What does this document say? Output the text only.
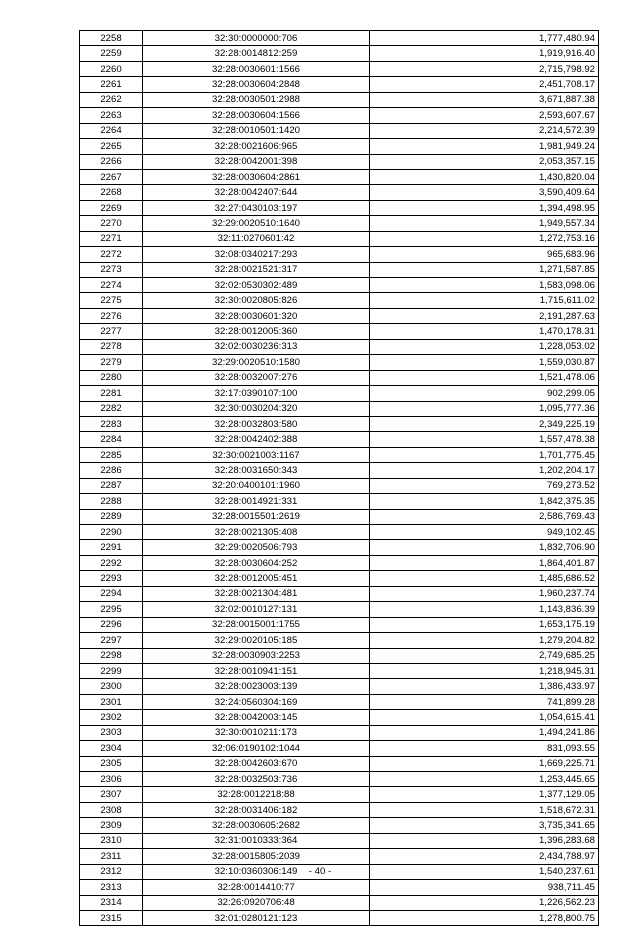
2258	32:30:0000000:706	1,777,480.94
2259	32:28:0014812:259	1,919,916.40
2260	32:28:0030601:1566	2,715,798.92
2261	32:28:0030604:2848	2,451,708.17
2262	32:28:0030501:2988	3,671,887.38
2263	32:28:0030604:1566	2,593,607.67
2264	32:28:0010501:1420	2,214,572.39
2265	32:28:0021606:965	1,981,949.24
2266	32:28:0042001:398	2,053,357.15
2267	32:28:0030604:2861	1,430,820.04
2268	32:28:0042407:644	3,590,409.64
2269	32:27:0430103:197	1,394,498.95
2270	32:29:0020510:1640	1,949,557.34
2271	32:11:0270601:42	1,272,753.16
2272	32:08:0340217:293	965,683.96
2273	32:28:0021521:317	1,271,587.85
2274	32:02:0530302:489	1,583,098.06
2275	32:30:0020805:826	1,715,611.02
2276	32:28:0030601:320	2,191,287.63
2277	32:28:0012005:360	1,470,178.31
2278	32:02:0030236:313	1,228,053.02
2279	32:29:0020510:1580	1,559,030.87
2280	32:28:0032007:276	1,521,478.06
2281	32:17:0390107:100	902,299.05
2282	32:30:0030204:320	1,095,777.36
2283	32:28:0032803:580	2,349,225.19
2284	32:28:0042402:388	1,557,478.38
2285	32:30:0021003:1167	1,701,775.45
2286	32:28:0031650:343	1,202,204.17
2287	32:20:0400101:1960	769,273.52
2288	32:28:0014921:331	1,842,375.35
2289	32:28:0015501:2619	2,586,769.43
2290	32:28:0021305:408	949,102.45
2291	32:29:0020506:793	1,832,706.90
2292	32:28:0030604:252	1,864,401.87
2293	32:28:0012005:451	1,485,686.52
2294	32:28:0021304:481	1,960,237.74
2295	32:02:0010127:131	1,143,836.39
2296	32:28:0015001:1755	1,653,175.19
2297	32:29:0020105:185	1,279,204.82
2298	32:28:0030903:2253	2,749,685.25
2299	32:28:0010941:151	1,218,945.31
2300	32:28:0023003:139	1,386,433.97
2301	32:24:0560304:169	741,899.28
2302	32:28:0042003:145	1,054,615.41
2303	32:30:0010211:173	1,494,241.86
2304	32:06:0190102:1044	831,093.55
2305	32:28:0042603:670	1,669,225.71
2306	32:28:0032503:736	1,253,445.65
2307	32:28:0012218:88	1,377,129.05
2308	32:28:0031406:182	1,518,672.31
2309	32:28:0030605:2682	3,735,341.65
2310	32:31:0010333:364	1,396,283.68
2311	32:28:0015805:2039	2,434,788.97
2312	32:10:0360306:149	1,540,237.61
2313	32:28:0014410:77	938,711.45
2314	32:26:0920706:48	1,226,562.23
2315	32:01:0280121:123	1,278,800.75
- 40 -
